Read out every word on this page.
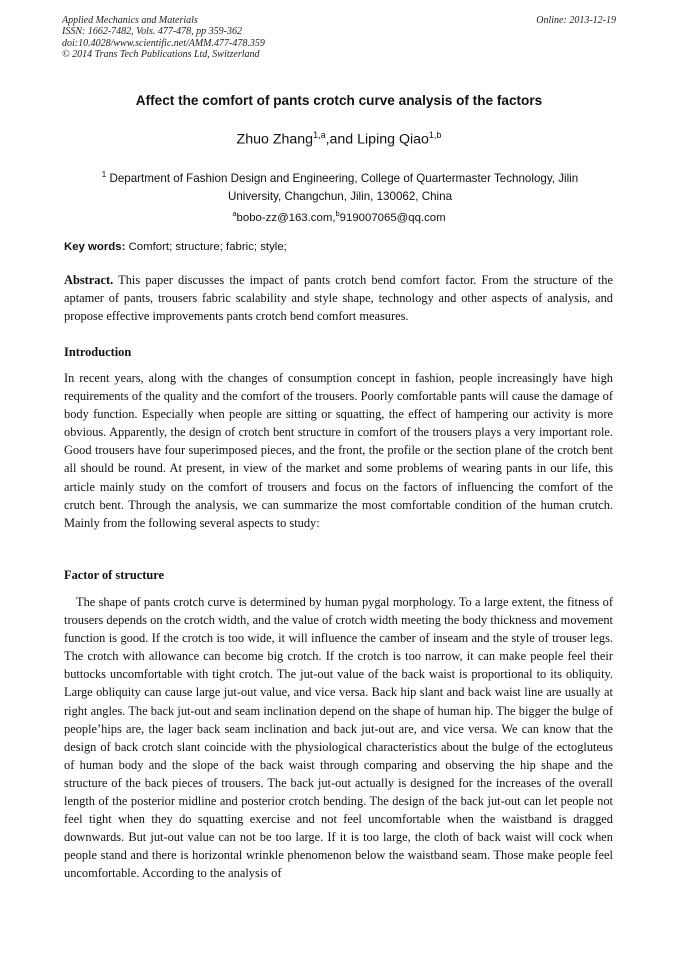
Applied Mechanics and Materials
ISSN: 1662-7482, Vols. 477-478, pp 359-362
doi:10.4028/www.scientific.net/AMM.477-478.359
© 2014 Trans Tech Publications Ltd, Switzerland
Online: 2013-12-19
Affect the comfort of pants crotch curve analysis of the factors
Zhuo Zhang$^{1,a}$,and Liping Qiao$^{1,b}$
$^1$ Department of Fashion Design and Engineering, College of Quartermaster Technology, Jilin University, Changchun, Jilin, 130062, China
$^a$bobo-zz@163.com,$^b$919007065@qq.com
Key words: Comfort; structure; fabric; style;
Abstract. This paper discusses the impact of pants crotch bend comfort factor. From the structure of the aptamer of pants, trousers fabric scalability and style shape, technology and other aspects of analysis, and propose effective improvements pants crotch bend comfort measures.
Introduction
In recent years, along with the changes of consumption concept in fashion, people increasingly have high requirements of the quality and the comfort of the trousers. Poorly comfortable pants will cause the damage of body function. Especially when people are sitting or squatting, the effect of hampering our activity is more obvious. Apparently, the design of crotch bent structure in comfort of the trousers plays a very important role. Good trousers have four superimposed pieces, and the front, the profile or the section plane of the crotch bent all should be round. At present, in view of the market and some problems of wearing pants in our life, this article mainly study on the comfort of trousers and focus on the factors of influencing the comfort of the crutch bent. Through the analysis, we can summarize the most comfortable condition of the human crutch. Mainly from the following several aspects to study:
Factor of structure
The shape of pants crotch curve is determined by human pygal morphology. To a large extent, the fitness of trousers depends on the crotch width, and the value of crotch width meeting the body thickness and movement function is good. If the crotch is too wide, it will influence the camber of inseam and the style of trouser legs. The crotch with allowance can become big crotch. If the crotch is too narrow, it can make people feel their buttocks uncomfortable with tight crotch. The jut-out value of the back waist is proportional to its obliquity. Large obliquity can cause large jut-out value, and vice versa. Back hip slant and back waist line are usually at right angles. The back jut-out and seam inclination depend on the shape of human hip. The bigger the bulge of people’hips are, the lager back seam inclination and back jut-out are, and vice versa. We can know that the design of back crotch slant coincide with the physiological characteristics about the bulge of the ectogluteus of human body and the slope of the back waist through comparing and observing the hip shape and the structure of the back pieces of trousers. The back jut-out actually is designed for the increases of the overall length of the posterior midline and posterior crotch bending. The design of the back jut-out can let people not feel tight when they do squatting exercise and not feel uncomfortable when the waistband is dragged downwards. But jut-out value can not be too large. If it is too large, the cloth of back waist will cock when people stand and there is horizontal wrinkle phenomenon below the waistband seam. Those make people feel uncomfortable. According to the analysis of
